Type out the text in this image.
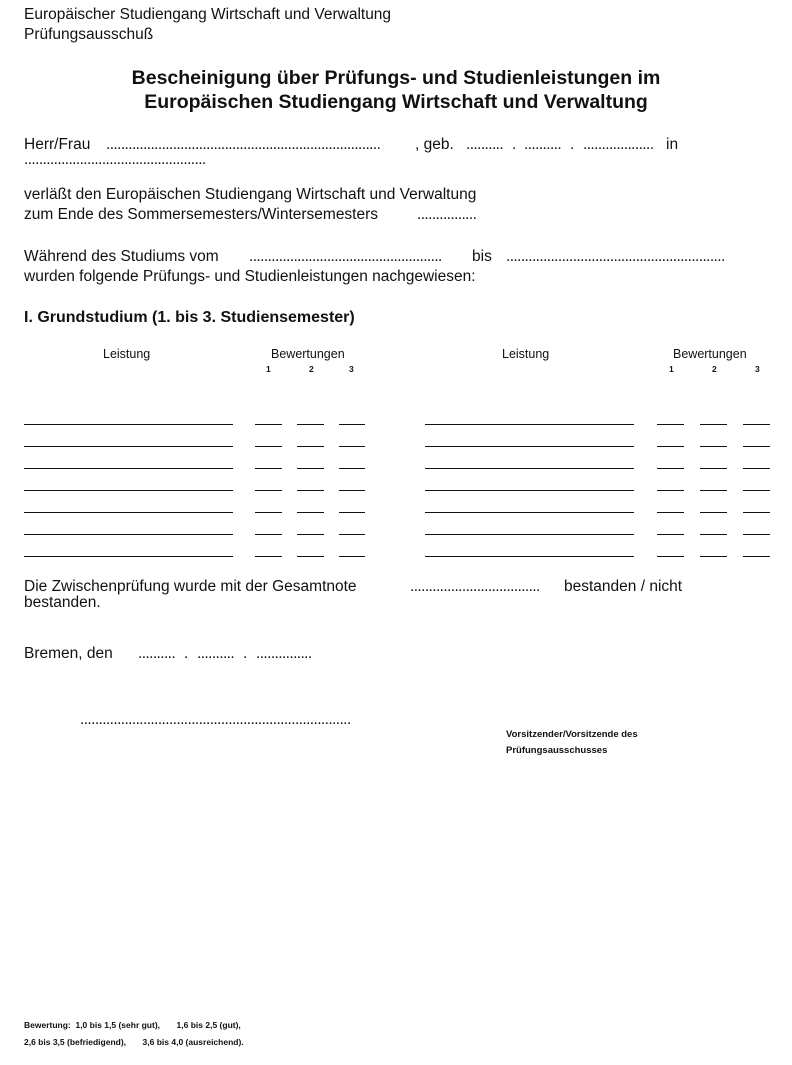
Europäischer Studiengang Wirtschaft und Verwaltung
Prüfungsausschuß
Bescheinigung über Prüfungs- und Studienleistungen im
Europäischen Studiengang Wirtschaft und Verwaltung
Herr/Frau .......................................................................... , geb. .......... . .......... . ................... in
.................................................
verläßt den Europäischen Studiengang Wirtschaft und Verwaltung
zum Ende des Sommersemesters/Wintersemesters	................
Während des Studiums vom .................................................... bis ...........................................................
wurden folgende Prüfungs- und Studienleistungen nachgewiesen:
I. Grundstudium (1. bis 3. Studiensemester)
Leistung	Bewertungen
1	2	3
Leistung	Bewertungen
1	2	3
Die Zwischenprüfung wurde mit der Gesamtnote	................................... bestanden / nicht
bestanden.
Bremen, den .......... . .......... . ...............
.........................................................................
Vorsitzender/Vorsitzende des
Prüfungsausschusses
Bewertung:  1,0 bis 1,5 (sehr gut),       1,6 bis 2,5 (gut),
2,6 bis 3,5 (befriedigend),       3,6 bis 4,0 (ausreichend).
